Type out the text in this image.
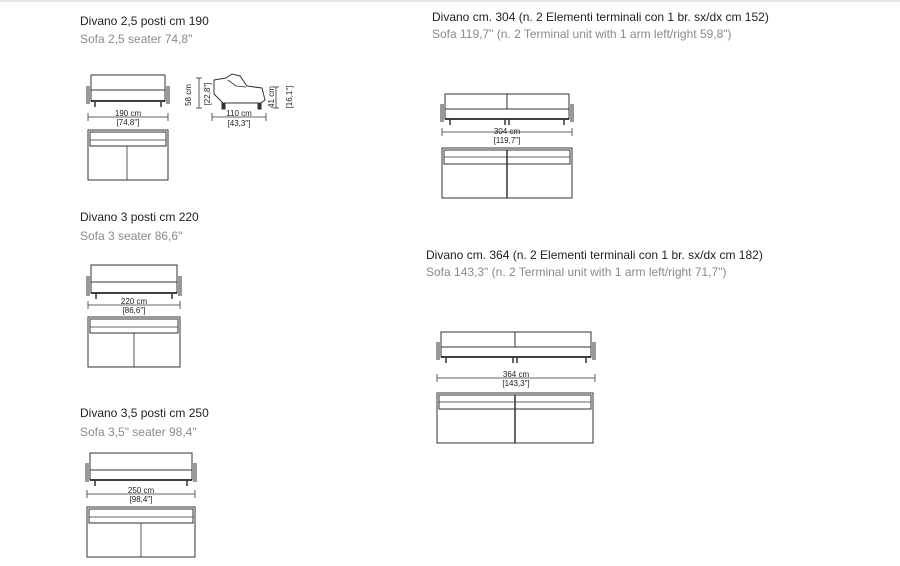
Divano 2,5 posti cm 190
Sofa 2,5 seater 74,8"
Divano 3 posti cm 220
Sofa 3 seater 86,6"
Divano 3,5 posti cm 250
Sofa 3,5" seater 98,4"
Divano cm. 304 (n. 2 Elementi terminali con 1 br. sx/dx cm 152)
Sofa 119,7" (n. 2 Terminal unit with 1 arm left/right 59,8")
Divano cm. 364 (n. 2 Elementi terminali con 1 br. sx/dx cm 182)
Sofa 143,3" (n. 2 Terminal unit with 1 arm left/right 71,7")
190 cm
[74,8"]
58 cm [22,8"]	41 cm [16,1"]
110 cm
[43,3"]
220 cm
[86,6"]
250 cm
[98,4"]
304 cm
[119,7"]
364 cm
[143,3"]
